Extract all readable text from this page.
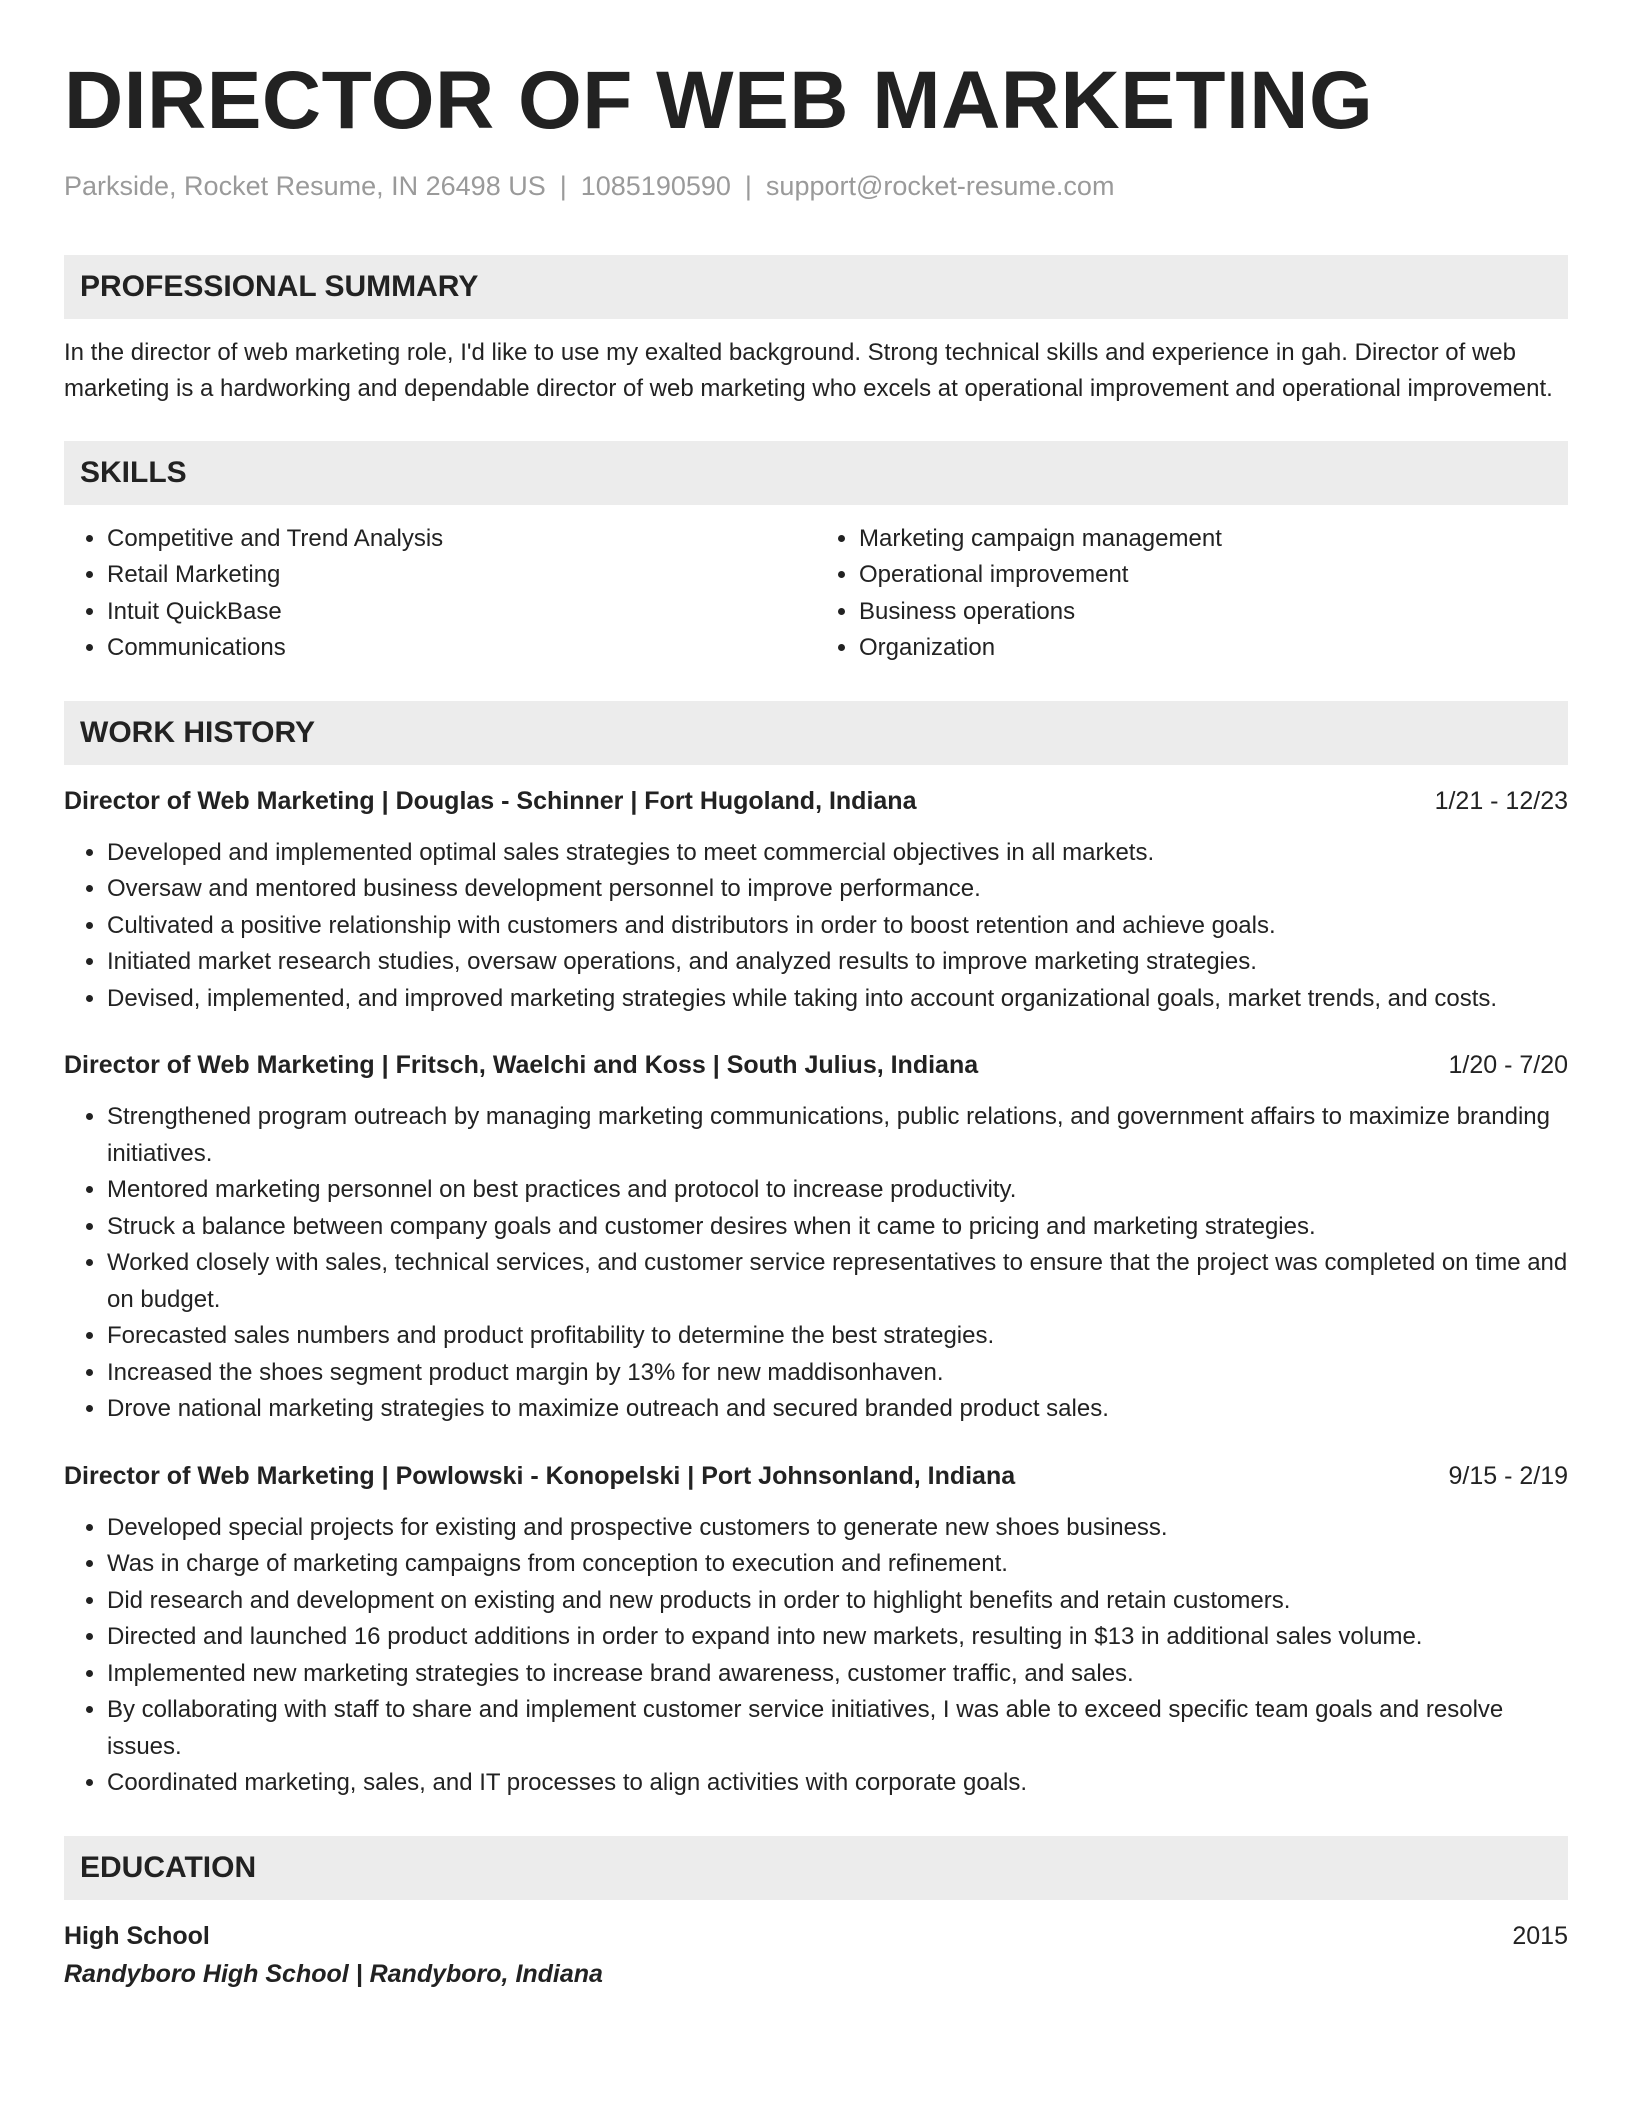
DIRECTOR OF WEB MARKETING
Parkside, Rocket Resume, IN 26498 US | 1085190590 | support@rocket-resume.com
PROFESSIONAL SUMMARY
In the director of web marketing role, I'd like to use my exalted background. Strong technical skills and experience in gah. Director of web marketing is a hardworking and dependable director of web marketing who excels at operational improvement and operational improvement.
SKILLS
• Competitive and Trend Analysis
• Retail Marketing
• Intuit QuickBase
• Communications
• Marketing campaign management
• Operational improvement
• Business operations
• Organization
WORK HISTORY
Director of Web Marketing | Douglas - Schinner | Fort Hugoland, Indiana	1/21 - 12/23
• Developed and implemented optimal sales strategies to meet commercial objectives in all markets.
• Oversaw and mentored business development personnel to improve performance.
• Cultivated a positive relationship with customers and distributors in order to boost retention and achieve goals.
• Initiated market research studies, oversaw operations, and analyzed results to improve marketing strategies.
• Devised, implemented, and improved marketing strategies while taking into account organizational goals, market trends, and costs.
Director of Web Marketing | Fritsch, Waelchi and Koss | South Julius, Indiana	1/20 - 7/20
• Strengthened program outreach by managing marketing communications, public relations, and government affairs to maximize branding initiatives.
• Mentored marketing personnel on best practices and protocol to increase productivity.
• Struck a balance between company goals and customer desires when it came to pricing and marketing strategies.
• Worked closely with sales, technical services, and customer service representatives to ensure that the project was completed on time and on budget.
• Forecasted sales numbers and product profitability to determine the best strategies.
• Increased the shoes segment product margin by 13% for new maddisonhaven.
• Drove national marketing strategies to maximize outreach and secured branded product sales.
Director of Web Marketing | Powlowski - Konopelski | Port Johnsonland, Indiana	9/15 - 2/19
• Developed special projects for existing and prospective customers to generate new shoes business.
• Was in charge of marketing campaigns from conception to execution and refinement.
• Did research and development on existing and new products in order to highlight benefits and retain customers.
• Directed and launched 16 product additions in order to expand into new markets, resulting in $13 in additional sales volume.
• Implemented new marketing strategies to increase brand awareness, customer traffic, and sales.
• By collaborating with staff to share and implement customer service initiatives, I was able to exceed specific team goals and resolve issues.
• Coordinated marketing, sales, and IT processes to align activities with corporate goals.
EDUCATION
High School	2015
Randyboro High School | Randyboro, Indiana
